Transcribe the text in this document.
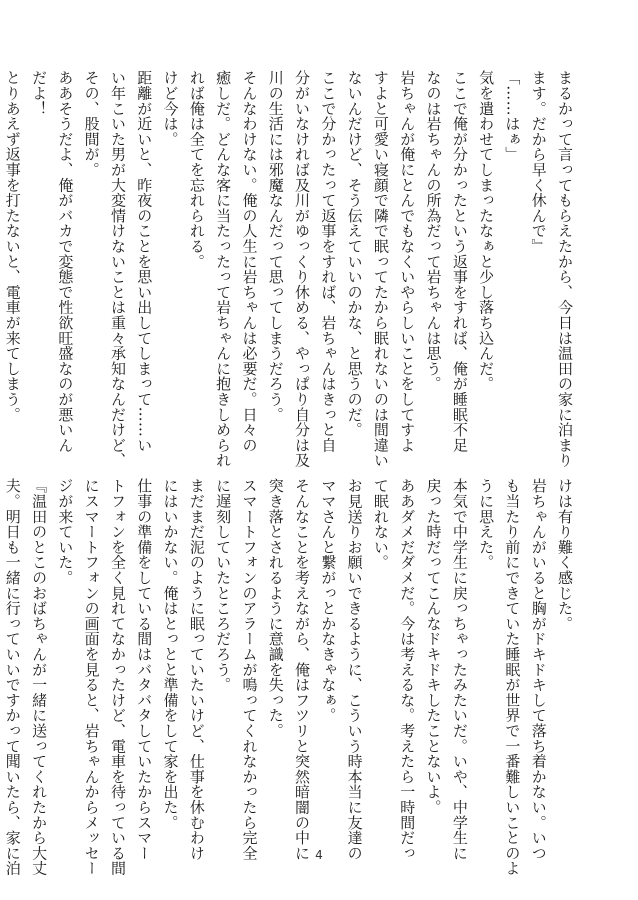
まるかって言ってもらえたから、今日は温田の家に泊まり
ます。だから早く休んで』
「……はぁ」
気を遣わせてしまったなぁと少し落ち込んだ。
ここで俺が分かったという返事をすれば、俺が睡眠不足
なのは岩ちゃんの所為だって岩ちゃんは思う。
岩ちゃんが俺にとんでもなくいやらしいことをしてすよ
すよと可愛い寝顔で隣で眠ってたから眠れないのは間違い
ないんだけど、そう伝えていいのかな、と思うのだ。
ここで分かったって返事をすれば、岩ちゃんはきっと自
分がいなければ及川がゆっくり休める、やっぱり自分は及
川の生活には邪魔なんだって思ってしまうだろう。
そんなわけない。俺の人生に岩ちゃんは必要だ。日々の
癒しだ。どんな客に当たったって岩ちゃんに抱きしめられ
れば俺は全てを忘れられる。
けど今は。
距離が近いと、昨夜のことを思い出してしまって……い
い年こいた男が大変情けないことは重々承知なんだけど、
その、股間が。
ああそうだよ、俺がバカで変態で性欲旺盛なのが悪いん
だよ！
とりあえず返事を打たないと、電車が来てしまう。
けは有り難く感じた。
岩ちゃんがいると胸がドキドキして落ち着かない。いつ
も当たり前にできていた睡眠が世界で一番難しいことのよ
うに思えた。
本気で中学生に戻っちゃったみたいだ。いや、中学生に
戻った時だってこんなドキドキしたことないよ。
ああダメだダメだ。今は考えるな。考えたら一時間だっ
て眠れない。
お見送りお願いできるように、こういう時本当に友達の
ママさんと繋がっとかなきゃなぁ。
そんなことを考えながら、俺はフツリと突然暗闇の中に
突き落とされるように意識を失った。
スマートフォンのアラームが鳴ってくれなかったら完全
に遅刻していたところだろう。
まだまだ泥のように眠っていたいけど、仕事を休むわけ
にはいかない。俺はとっとと準備をして家を出た。
仕事の準備をしている間はバタバタしていたからスマー
トフォンを全く見れてなかったけど、電車を待っている間
にスマートフォンの画面を見ると、岩ちゃんからメッセー
ジが来ていた。
『温田のとこのおばちゃんが一緒に送ってくれたから大丈
夫。明日も一緒に行っていいですかって聞いたら、家に泊	4
